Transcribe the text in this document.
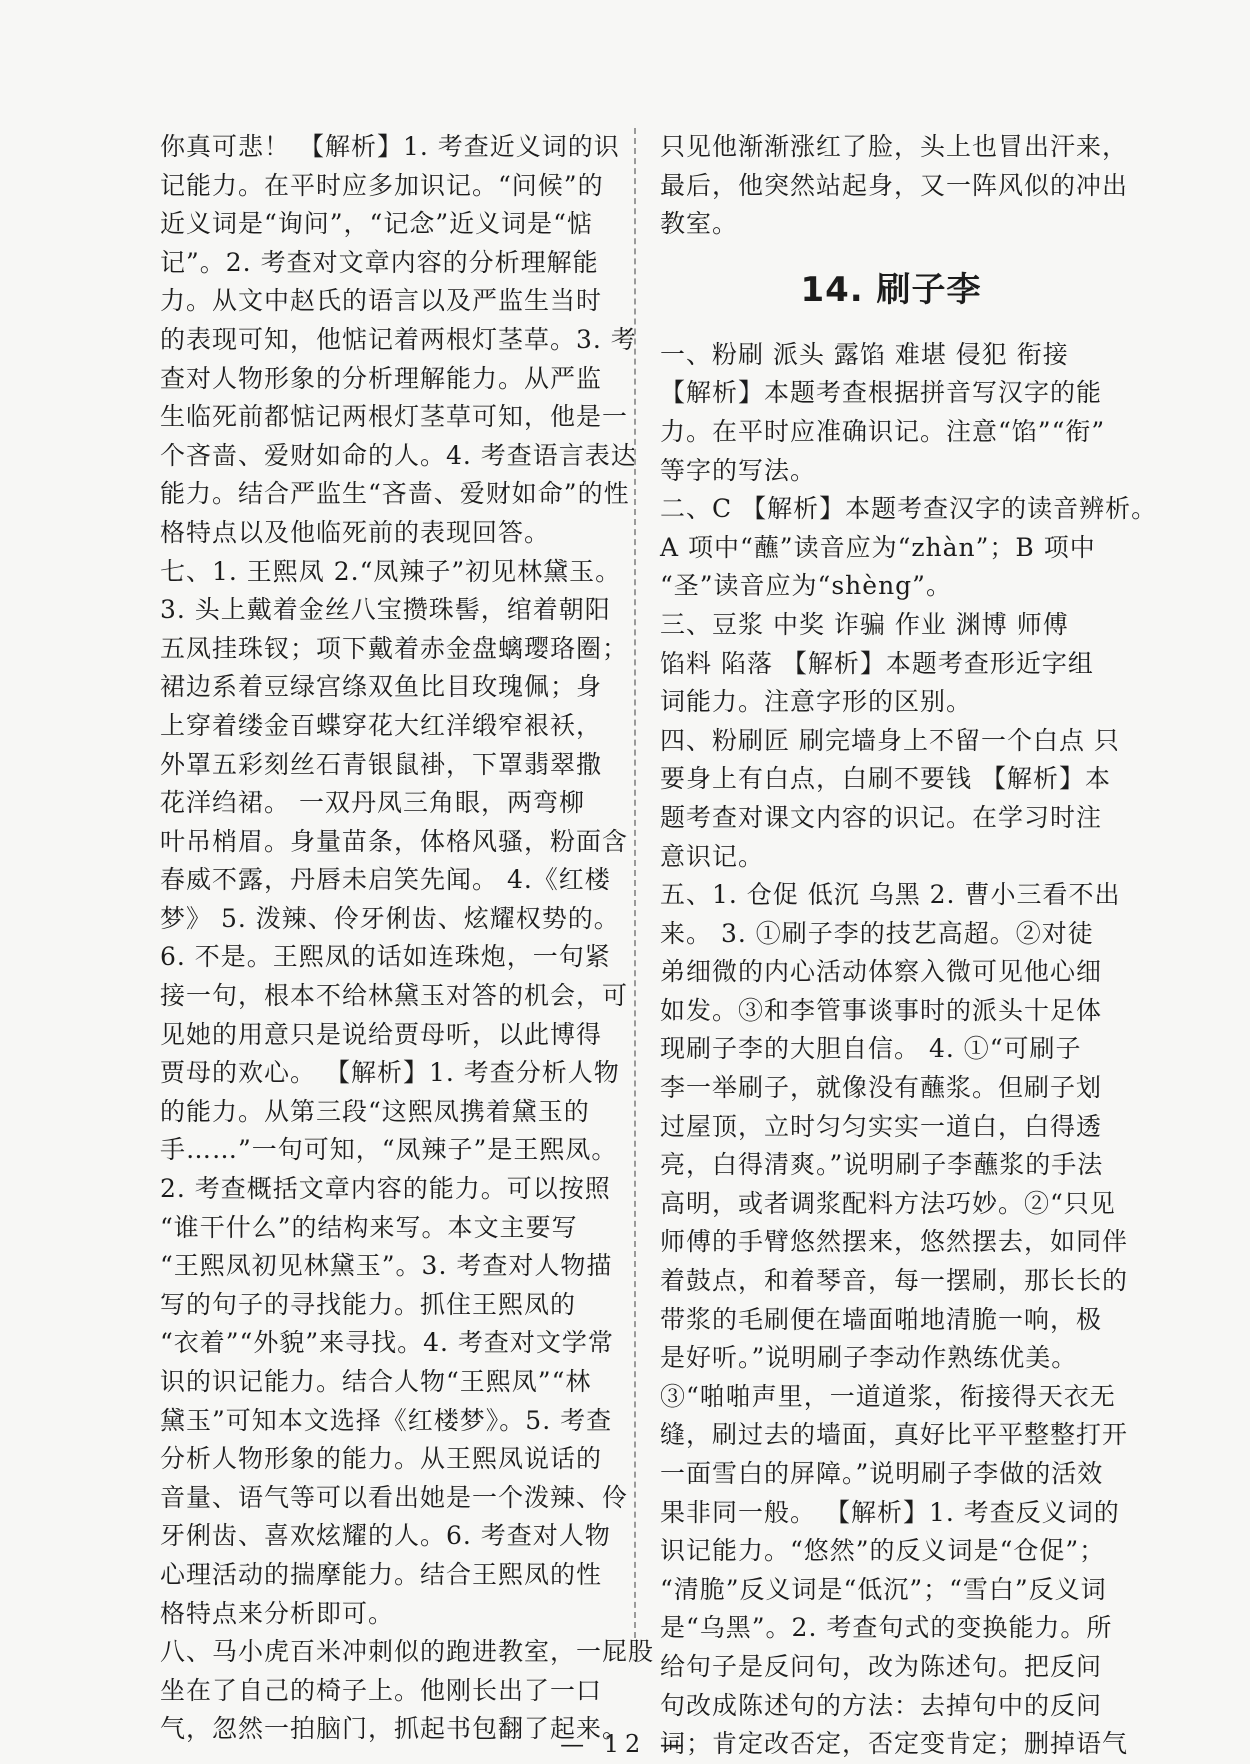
你真可悲！ 【解析】1. 考查近义词的识
记能力。在平时应多加识记。“问候”的
近义词是“询问”，“记念”近义词是“惦
记”。2. 考查对文章内容的分析理解能
力。从文中赵氏的语言以及严监生当时
的表现可知，他惦记着两根灯茎草。3. 考
查对人物形象的分析理解能力。从严监
生临死前都惦记两根灯茎草可知，他是一
个吝啬、爱财如命的人。4. 考查语言表达
能力。结合严监生“吝啬、爱财如命”的性
格特点以及他临死前的表现回答。
七、1. 王熙凤 2.“凤辣子”初见林黛玉。
3. 头上戴着金丝八宝攒珠髻，绾着朝阳
五凤挂珠钗；项下戴着赤金盘螭璎珞圈；
裙边系着豆绿宫绦双鱼比目玫瑰佩；身
上穿着缕金百蝶穿花大红洋缎窄裉袄，
外罩五彩刻丝石青银鼠褂，下罩翡翠撒
花洋绉裙。 一双丹凤三角眼，两弯柳
叶吊梢眉。身量苗条，体格风骚，粉面含
春威不露，丹唇未启笑先闻。 4.《红楼
梦》 5. 泼辣、伶牙俐齿、炫耀权势的。
6. 不是。王熙凤的话如连珠炮，一句紧
接一句，根本不给林黛玉对答的机会，可
见她的用意只是说给贾母听，以此博得
贾母的欢心。 【解析】1. 考查分析人物
的能力。从第三段“这熙凤携着黛玉的
手……”一句可知，“凤辣子”是王熙凤。
2. 考查概括文章内容的能力。可以按照
“谁干什么”的结构来写。本文主要写
“王熙凤初见林黛玉”。3. 考查对人物描
写的句子的寻找能力。抓住王熙凤的
“衣着”“外貌”来寻找。4. 考查对文学常
识的识记能力。结合人物“王熙凤”“林
黛玉”可知本文选择《红楼梦》。5. 考查
分析人物形象的能力。从王熙凤说话的
音量、语气等可以看出她是一个泼辣、伶
牙俐齿、喜欢炫耀的人。6. 考查对人物
心理活动的揣摩能力。结合王熙凤的性
格特点来分析即可。
八、马小虎百米冲刺似的跑进教室，一屁股
坐在了自己的椅子上。他刚长出了一口
气，忽然一拍脑门，抓起书包翻了起来。
只见他渐渐涨红了脸，头上也冒出汗来，
最后，他突然站起身，又一阵风似的冲出
教室。
14. 刷子李
一、粉刷 派头 露馅 难堪 侵犯 衔接
【解析】本题考查根据拼音写汉字的能
力。在平时应准确识记。注意“馅”“衔”
等字的写法。
二、C 【解析】本题考查汉字的读音辨析。
A 项中“蘸”读音应为“zhàn”；B 项中
“圣”读音应为“shèng”。
三、豆浆 中奖 诈骗 作业 渊博 师傅
馅料 陷落 【解析】本题考查形近字组
词能力。注意字形的区别。
四、粉刷匠 刷完墙身上不留一个白点 只
要身上有白点，白刷不要钱 【解析】本
题考查对课文内容的识记。在学习时注
意识记。
五、1. 仓促 低沉 乌黑 2. 曹小三看不出
来。 3. ①刷子李的技艺高超。②对徒
弟细微的内心活动体察入微可见他心细
如发。③和李管事谈事时的派头十足体
现刷子李的大胆自信。 4. ①“可刷子
李一举刷子，就像没有蘸浆。但刷子划
过屋顶，立时匀匀实实一道白，白得透
亮，白得清爽。”说明刷子李蘸浆的手法
高明，或者调浆配料方法巧妙。②“只见
师傅的手臂悠然摆来，悠然摆去，如同伴
着鼓点，和着琴音，每一摆刷，那长长的
带浆的毛刷便在墙面啪地清脆一响，极
是好听。”说明刷子李动作熟练优美。
③“啪啪声里，一道道浆，衔接得天衣无
缝，刷过去的墙面，真好比平平整整打开
一面雪白的屏障。”说明刷子李做的活效
果非同一般。 【解析】1. 考查反义词的
识记能力。“悠然”的反义词是“仓促”；
“清脆”反义词是“低沉”；“雪白”反义词
是“乌黑”。2. 考查句式的变换能力。所
给句子是反问句，改为陈述句。把反问
句改成陈述句的方法：去掉句中的反问
词；肯定改否定，否定变肯定；删掉语气
— 12 —
